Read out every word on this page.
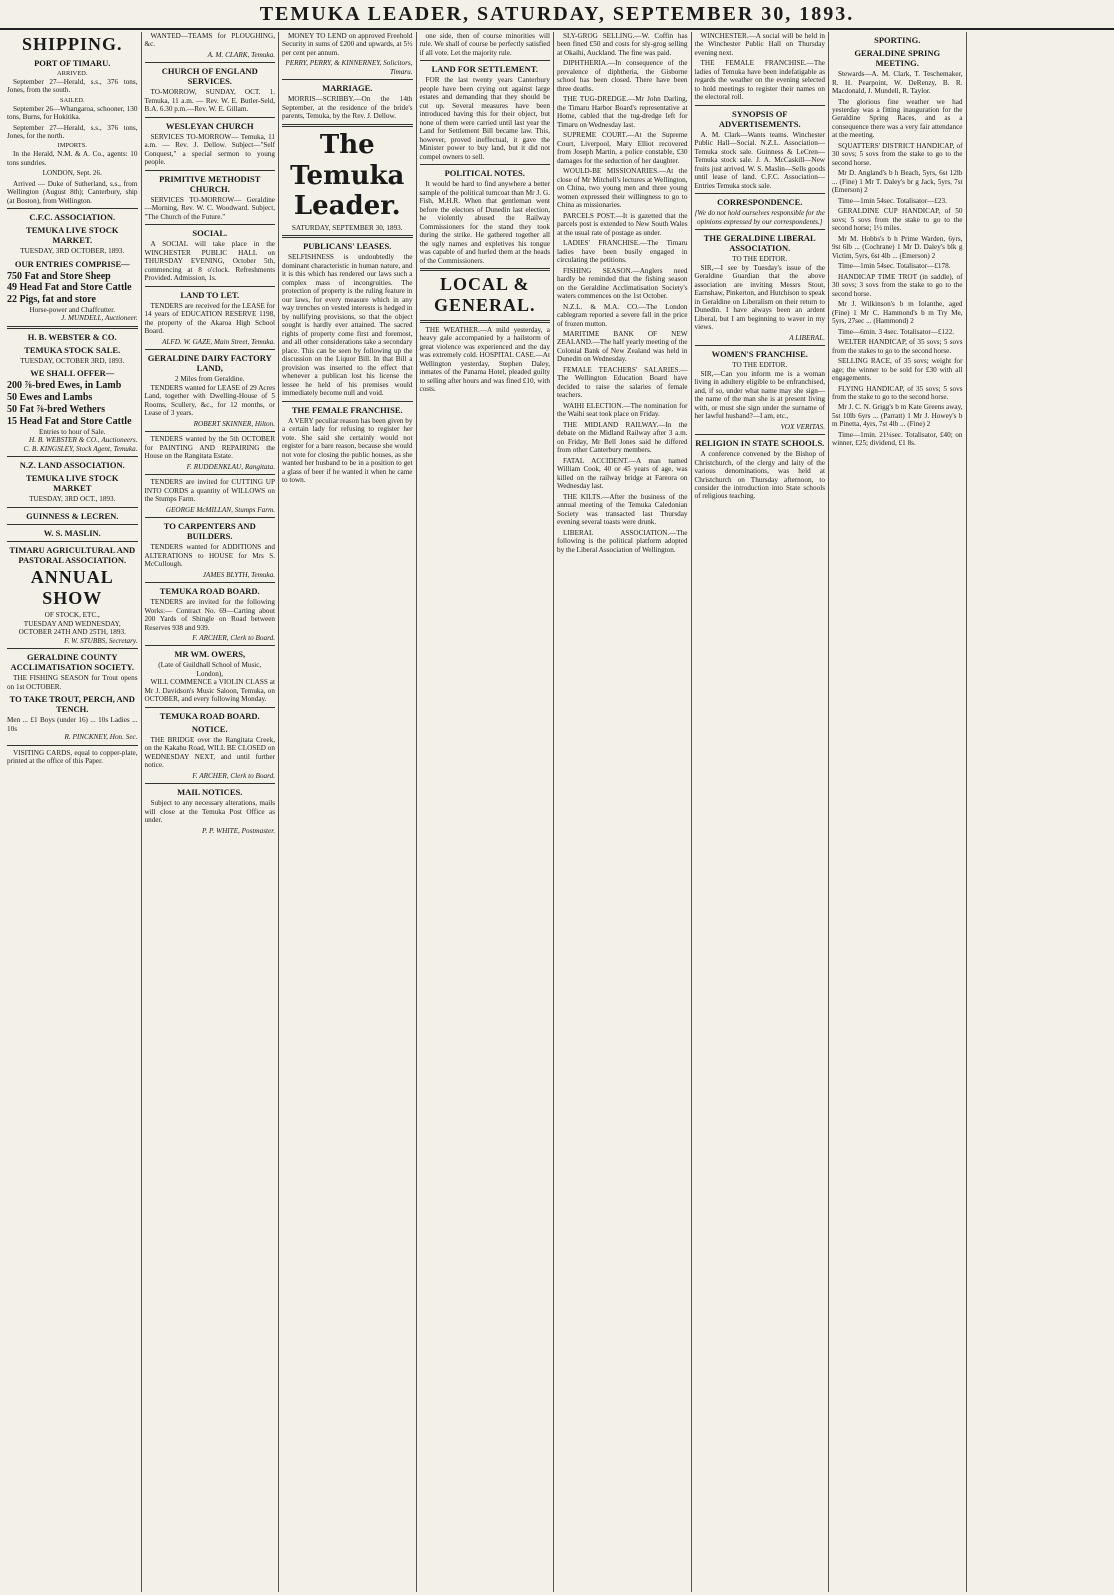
TEMUKA LEADER, SATURDAY, SEPTEMBER 30, 1893.
SHIPPING.
PORT OF TIMARU.
ARRIVED.

September 27—Herald, s.s., 376 tons, Jones, from the south.

SAILED.

September 26—Whangaroa, schooner, 130 tons, Burns, for Hokitika.

September 27—Herald, s.s., 376 tons, Jones, for the north.

IMPORTS.

In the Herald, N.M. & A. Co., agents: 10 tons sundries.

LONDON, Sept. 26.

Arrived — Duke of Sutherland, s.s., from Wellington (August 8th); Canterbury, ship (at Boston), from Wellington.

C.F.C. ASSOCIATION.
TEMUKA LIVE STOCK MARKET.
TUESDAY, 3RD OCTOBER, 1893.
OUR ENTRIES COMPRISE—
750 Fat and Store Sheep
49 Head Fat and Store Cattle
22 Pigs, fat and store
Horse-power and Chaffcutter.
J. MUNDELL, Auctioneer.
H. B. WEBSTER & CO.
TEMUKA STOCK SALE.
TUESDAY, OCTOBER 3RD, 1893.
WE SHALL OFFER—
200 ⅞-bred Ewes, in Lamb
50 Ewes and Lambs
50 Fat ⅞-bred Wethers
15 Head Fat and Store Cattle
Entries to hour of Sale.
H. B. WEBSTER & CO., Auctioneers.
C. B. KINGSLEY, Stock Agent, Temuka.
N.Z. LAND ASSOCIATION.
TEMUKA LIVE STOCK MARKET
TUESDAY, 3RD OCT., 1893.
GUINNESS & LECREN.
W. S. MASLIN.
TIMARU AGRICULTURAL AND PASTORAL ASSOCIATION.
ANNUAL SHOW
OF STOCK, ETC.,
TUESDAY AND WEDNESDAY, OCTOBER 24TH AND 25TH, 1893.
F. W. STUBBS, Secretary.
GERALDINE COUNTY ACCLIMATISATION SOCIETY.

THE FISHING SEASON for Trout opens on 1st OCTOBER.

TO TAKE TROUT, PERCH, AND TENCH.
Men ... £1 Boys (under 16) ... 10s Ladies ... 10s
R. PINCKNEY, Hon. Sec.

VISITING CARDS, equal to copper-plate, printed at the office of this Paper.

WANTED—TEAMS for PLOUGHING, &c.

A. M. CLARK, Temuka.
CHURCH OF ENGLAND SERVICES.

TO-MORROW, SUNDAY, OCT. 1. Temuka, 11 a.m. — Rev. W. E. Butler-Seld, B.A. 6.30 p.m.—Rev. W. E. Gillam.

WESLEYAN CHURCH

SERVICES TO-MORROW— Temuka, 11 a.m. — Rev. J. Dellow. Subject—"Self Conquest," a special sermon to young people.

PRIMITIVE METHODIST CHURCH.

SERVICES TO-MORROW— Geraldine—Morning, Rev. W. C. Woodward. Subject, "The Church of the Future."

SOCIAL.

A SOCIAL will take place in the WINCHESTER PUBLIC HALL on THURSDAY EVENING, October 5th, commencing at 8 o'clock. Refreshments Provided. Admission, 1s.

LAND TO LET.

TENDERS are received for the LEASE for 14 years of EDUCATION RESERVE 1198, the property of the Akaroa High School Board.

ALFD. W. GAZE, Main Street, Temuka.
GERALDINE DAIRY FACTORY LAND,
2 Miles from Geraldine.

TENDERS wanted for LEASE of 29 Acres Land, together with Dwelling-House of 5 Rooms, Scullery, &c., for 12 months, or Lease of 3 years.

ROBERT SKINNER, Hilton.

TENDERS wanted by the 5th OCTOBER for PAINTING AND REPAIRING the House on the Rangitata Estate.

F. RUDDENKLAU, Rangitata.

TENDERS are invited for CUTTING UP INTO CORDS a quantity of WILLOWS on the Stumps Farm.

GEORGE McMILLAN, Stumps Farm.
TO CARPENTERS AND BUILDERS.

TENDERS wanted for ADDITIONS and ALTERATIONS to HOUSE for Mrs S. McCullough.

JAMES BLYTH, Temuka.
TEMUKA ROAD BOARD.

TENDERS are invited for the following Works:— Contract No. 69—Carting about 200 Yards of Shingle on Road between Reserves 938 and 939.

F. ARCHER, Clerk to Board.
MR WM. OWERS,
(Late of Guildhall School of Music, London),

WILL COMMENCE a VIOLIN CLASS at Mr J. Davidson's Music Saloon, Temuka, on OCTOBER, and every following Monday.

TEMUKA ROAD BOARD.
NOTICE.

THE BRIDGE over the Rangitata Creek, on the Kakahu Road, WILL BE CLOSED on WEDNESDAY NEXT, and until further notice.

F. ARCHER, Clerk to Board.
MAIL NOTICES.

Subject to any necessary alterations, mails will close at the Temuka Post Office as under.

P. P. WHITE, Postmaster.

MONEY TO LEND on approved Freehold Security in sums of £200 and upwards, at 5½ per cent per annum.

PERRY, PERRY, & KINNERNEY, Solicitors, Timaru.
MARRIAGE.

MORRIS—SCRIBBY.—On the 14th September, at the residence of the bride's parents, Temuka, by the Rev. J. Dellow.

The Temuka Leader.
SATURDAY, SEPTEMBER 30, 1893.
PUBLICANS' LEASES.

SELFISHNESS is undoubtedly the dominant characteristic in human nature, and it is this which has rendered our laws such a complex mass of incongruities. The protection of property is the ruling feature in our laws, for every measure which in any way trenches on vested interests is hedged in by nullifying provisions, so that the object sought is hardly ever attained. The sacred rights of property come first and foremost, and all other considerations take a secondary place. This can be seen by following up the discussion on the Liquor Bill. In that Bill a provision was inserted to the effect that whenever a publican lost his license the lessee he held of his premises would immediately become null and void.

THE FEMALE FRANCHISE.

A VERY peculiar reason has been given by a certain lady for refusing to register her vote. She said she certainly would not register for a bare reason, because she would not vote for closing the public houses, as she wanted her husband to be in a position to get a glass of beer if he wanted it when he came to town.

one side, then of course minorities will rule. We shall of course be perfectly satisfied if all vote. Let the majority rule.

LAND FOR SETTLEMENT.

FOR the last twenty years Canterbury people have been crying out against large estates and demanding that they should be cut up. Several measures have been introduced having this for their object, but none of them were carried until last year the Land for Settlement Bill became law. This, however, proved ineffectual, it gave the Minister power to buy land, but it did not compel owners to sell.

POLITICAL NOTES.

It would be hard to find anywhere a better sample of the political turncoat than Mr J. G. Fish, M.H.R. When that gentleman went before the electors of Dunedin last election, he violently abused the Railway Commissioners for the stand they took during the strike. He gathered together all the ugly names and expletives his tongue was capable of and hurled them at the heads of the Commissioners.

LOCAL & GENERAL.

THE WEATHER.—A mild yesterday, a heavy gale accompanied by a hailstorm of great violence was experienced and the day was extremely cold. HOSPITAL CASE.—At Wellington yesterday, Stephen Daley, inmates of the Panama Hotel, pleaded guilty to selling after hours and was fined £10, with costs.

SLY-GROG SELLING.—W. Coffin has been fined £50 and costs for sly-grog selling at Okaihi, Auckland. The fine was paid.

DIPHTHERIA.—In consequence of the prevalence of diphtheria, the Gisborne school has been closed. There have been three deaths.

THE TUG-DREDGE.—Mr John Darling, the Timaru Harbor Board's representative at Home, cabled that the tug-dredge left for Timaru on Wednesday last.

SUPREME COURT.—At the Supreme Court, Liverpool, Mary Elliot recovered from Joseph Martin, a police constable, £30 damages for the seduction of her daughter.

WOULD-BE MISSIONARIES.—At the close of Mr Mitchell's lectures at Wellington, on China, two young men and three young women expressed their willingness to go to China as missionaries.

PARCELS POST.—It is gazetted that the parcels post is extended to New South Wales at the usual rate of postage as under.

LADIES' FRANCHISE.—The Timaru ladies have been busily engaged in circulating the petitions.

FISHING SEASON.—Anglers need hardly be reminded that the fishing season on the Geraldine Acclimatisation Society's waters commences on the 1st October.

N.Z.L. & M.A. CO.—The London cablegram reported a severe fall in the price of frozen mutton.

MARITIME BANK OF NEW ZEALAND.—The half yearly meeting of the Colonial Bank of New Zealand was held in Dunedin on Wednesday.

FEMALE TEACHERS' SALARIES.—The Wellington Education Board have decided to raise the salaries of female teachers.

WAIHI ELECTION.—The nomination for the Waihi seat took place on Friday.

THE MIDLAND RAILWAY.—In the debate on the Midland Railway after 3 a.m. on Friday, Mr Bell Jones said he differed from other Canterbury members.

FATAL ACCIDENT.—A man named William Cook, 40 or 45 years of age, was killed on the railway bridge at Fareora on Wednesday last.

THE KILTS.—After the business of the annual meeting of the Temuka Caledonian Society was transacted last Thursday evening several toasts were drunk.

LIBERAL ASSOCIATION.—The following is the political platform adopted by the Liberal Association of Wellington.

WINCHESTER.—A social will be held in the Winchester Public Hall on Thursday evening next.

THE FEMALE FRANCHISE.—The ladies of Temuka have been indefatigable as regards the weather on the evening selected to hold meetings to register their names on the electoral roll.

SYNOPSIS OF ADVERTISEMENTS.

A. M. Clark—Wants teams. Winchester Public Hall—Social. N.Z.L. Association—Temuka stock sale. Guinness & LeCren—Temuka stock sale. J. A. McCaskill—New fruits just arrived. W. S. Maslin—Sells goods until lease of land. C.F.C. Association—Entries Temuka stock sale.

CORRESPONDENCE.

[We do not hold ourselves responsible for the opinions expressed by our correspondents.]

THE GERALDINE LIBERAL ASSOCIATION.
TO THE EDITOR.

SIR,—I see by Tuesday's issue of the Geraldine Guardian that the above association are inviting Messrs Stout, Earnshaw, Pinkerton, and Hutchison to speak in Geraldine on Liberalism on their return to Dunedin. I have always been an ardent Liberal, but I am beginning to waver in my views.

A LIBERAL.
WOMEN'S FRANCHISE.
TO THE EDITOR.

SIR,—Can you inform me is a woman living in adultery eligible to be enfranchised, and, if so, under what name may she sign—the name of the man she is at present living with, or must she sign under the surname of her lawful husband?—I am, etc.,

VOX VERITAS.
RELIGION IN STATE SCHOOLS.

A conference convened by the Bishop of Christchurch, of the clergy and laity of the various denominations, was held at Christchurch on Thursday afternoon, to consider the introduction into State schools of religious teaching.

SPORTING.
GERALDINE SPRING MEETING.

Stewards—A. M. Clark, T. Teschemaker, R. H. Pearpoint, W. DeRenzy, B. R. Macdonald, J. Mundell, R. Taylor.

The glorious fine weather we had yesterday was a fitting inauguration for the Geraldine Spring Races, and as a consequence there was a very fair attendance at the meeting.

SQUATTERS' DISTRICT HANDICAP, of 30 sovs; 5 sovs from the stake to go to the second horse.

Mr D. Angland's b h Beach, 5yrs, 6st 12lb ... (Fine) 1 Mr T. Daley's br g Jack, 5yrs, 7st (Emerson) 2

Time—1min 54sec. Totalisator—£23.

GERALDINE CUP HANDICAP, of 50 sovs; 5 sovs from the stake to go to the second horse; 1½ miles.

Mr M. Hobbs's b h Prime Warden, 6yrs, 9st 6lb ... (Cochrane) 1 Mr D. Daley's blk g Victim, 5yrs, 6st 4lb ... (Emerson) 2

Time—1min 54sec. Totalisator—£178.

HANDICAP TIME TROT (in saddle), of 30 sovs; 3 sovs from the stake to go to the second horse.

Mr J. Wilkinson's b m Iolanthe, aged (Fine) 1 Mr C. Hammond's b m Try Me, 5yrs, 27sec ... (Hammond) 2

Time—6min. 3 4sec. Totalisator—£122.

WELTER HANDICAP, of 35 sovs; 5 sovs from the stakes to go to the second horse.

SELLING RACE, of 35 sovs; weight for age; the winner to be sold for £30 with all engagements.

FLYING HANDICAP, of 35 sovs; 5 sovs from the stake to go to the second horse.

Mr J. C. N. Grigg's b m Kate Greens away, 5st 10lb 6yrs ... (Parratt) 1 Mr J. Howey's b m Pinetta, 4yrs, 7st 4lb ... (Fine) 2

Time—1min. 21¼sec. Totalisator, £40; on winner, £25; dividend, £1 8s.
